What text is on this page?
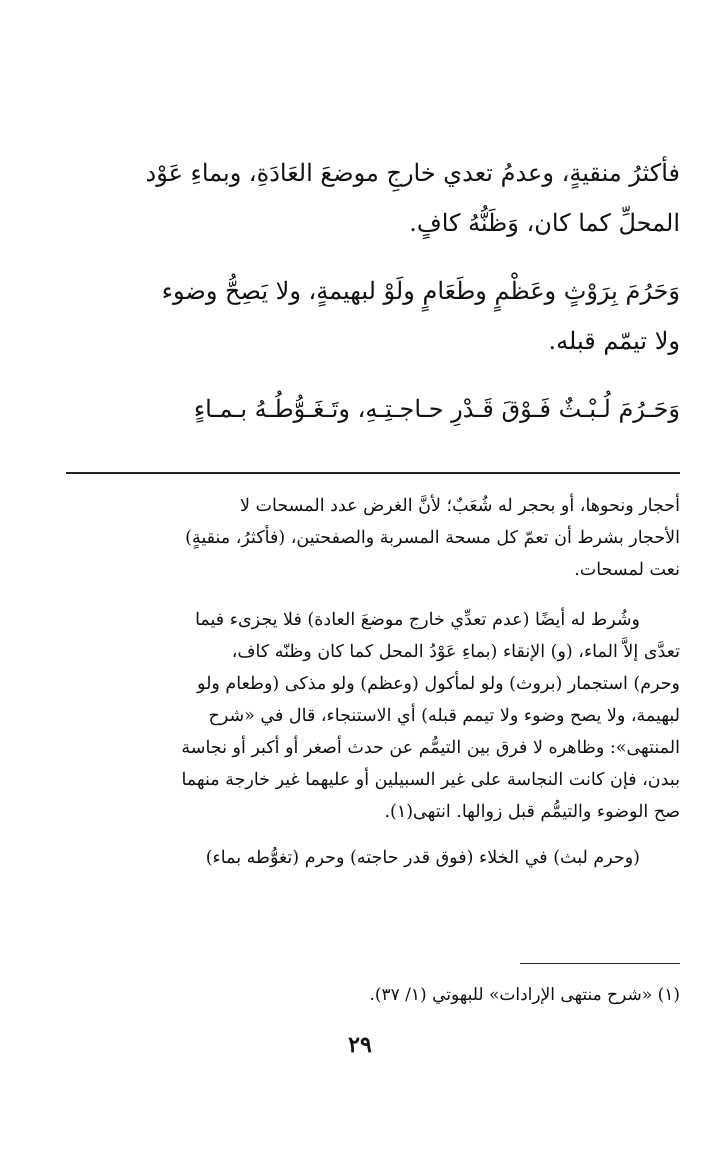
فأكثرُ منقيةٍ، وعدمُ تعدي خارجِ موضعَ العَادَةِ، وبماءِ عَوْد
المحلِّ كما كان، وَظَنُّهُ كافٍ.
وَحَرُمَ بِرَوْثٍ وعَظْمٍ وطَعَامٍ ولَوْ لبهيمةٍ، ولا يَصِحُّ وضوء
ولا تيمّم قبله.
وَحَـرُمَ لُـبْـثٌ فَـوْقَ قَـدْرِ حـاجـتِـهِ، وتَـغَـوُّطُـهُ بـمـاءٍ
أحجار ونحوها، أو بحجر له شُعَبٌ؛ لأنَّ الغرض عدد المسحات لا
الأحجار بشرط أن تعمّ كل مسحة المسربة والصفحتين، (فأكثرُ، منقيةٍ)
نعت لمسحات.
وشُرط له أيضًا (عدم تعدِّي خارج موضعَ العادة) فلا يجزىء فيما
تعدَّى إلاَّ الماء، (و) الإنقاء (بماءِ عَوْدُ المحل كما كان وظنّه كاف،
وحرم) استجمار (بروث) ولو لمأكول (وعظم) ولو مذكى (وطعام ولو
لبهيمة، ولا يصح وضوء ولا تيمم قبله) أي الاستنجاء، قال في «شرح
المنتهى»: وظاهره لا فرق بين التيمُّم عن حدث أصغر أو أكبر أو نجاسة
ببدن، فإن كانت النجاسة على غير السبيلين أو عليهما غير خارجة منهما
صح الوضوء والتيمُّم قبل زوالها. انتهى(١).
(وحرم لبث) في الخلاء (فوق قدر حاجته) وحرم (تغوُّطه بماء)
(١) «شرح منتهى الإرادات» للبهوتي (١/ ٣٧).
٢٩
